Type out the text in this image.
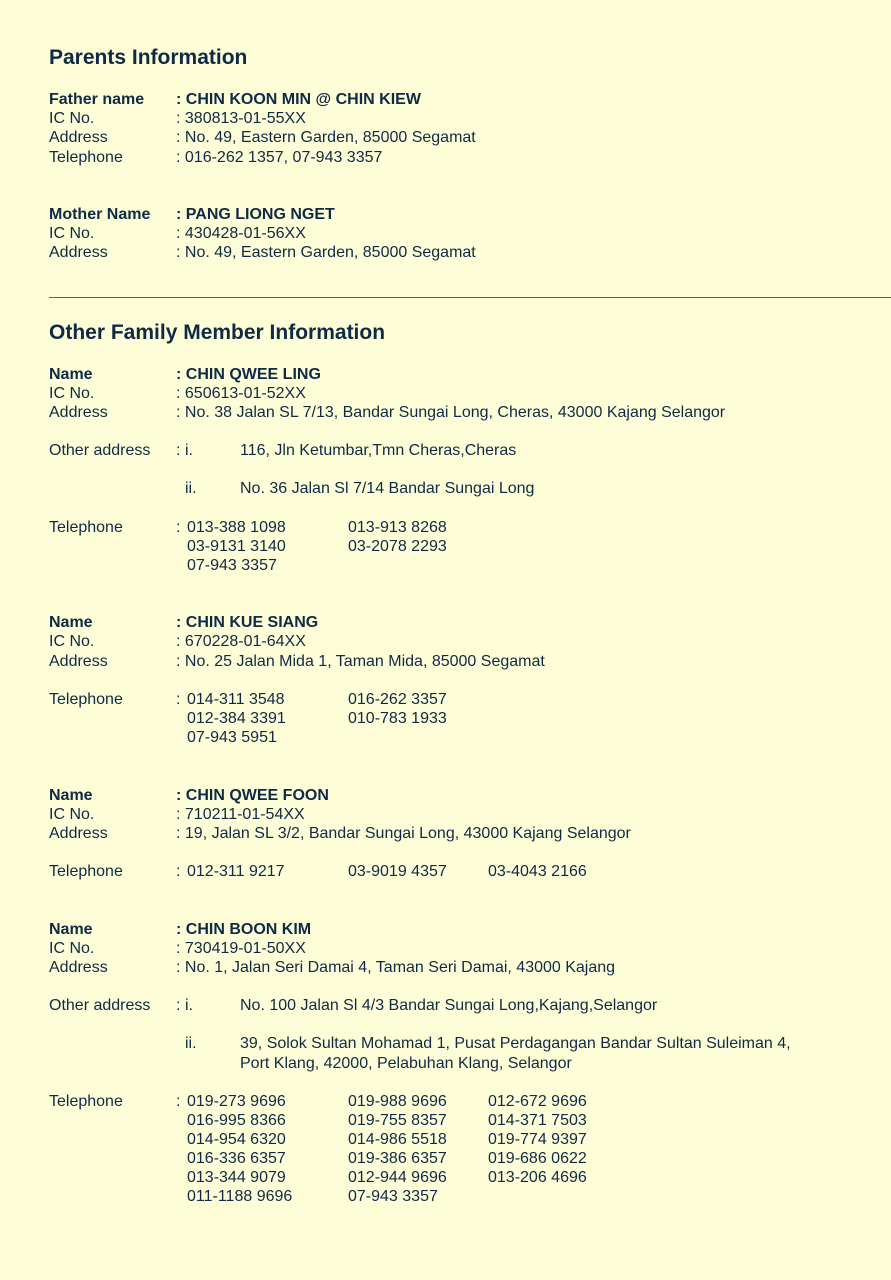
Parents Information
Father name : CHIN KOON MIN @ CHIN KIEW
IC No.	: 380813-01-55XX
Address	: No. 49, Eastern Garden, 85000 Segamat
Telephone	: 016-262 1357, 07-943 3357
Mother Name : PANG LIONG NGET
IC No.	: 430428-01-56XX
Address	: No. 49, Eastern Garden, 85000 Segamat
Other Family Member Information
Name	: CHIN QWEE LING
IC No.	: 650613-01-52XX
Address	: No. 38 Jalan SL 7/13, Bandar Sungai Long, Cheras, 43000 Kajang Selangor
Other address : i.	116, Jln Ketumbar,Tmn Cheras,Cheras
ii.	No. 36 Jalan Sl 7/14 Bandar Sungai Long
Telephone	: 013-388 1098	013-913 8268
03-9131 3140	03-2078 2293
07-943 3357
Name	: CHIN KUE SIANG
IC No.	: 670228-01-64XX
Address	: No. 25 Jalan Mida 1, Taman Mida, 85000 Segamat
Telephone	: 014-311 3548	016-262 3357
012-384 3391	010-783 1933
07-943 5951
Name	: CHIN QWEE FOON
IC No.	: 710211-01-54XX
Address	: 19, Jalan SL 3/2, Bandar Sungai Long, 43000 Kajang Selangor
Telephone	: 012-311 9217	03-9019 4357	03-4043 2166
Name	: CHIN BOON KIM
IC No.	: 730419-01-50XX
Address	: No. 1, Jalan Seri Damai 4, Taman Seri Damai, 43000 Kajang
Other address : i.	No. 100 Jalan Sl 4/3 Bandar Sungai Long,Kajang,Selangor
ii.	39, Solok Sultan Mohamad 1, Pusat Perdagangan Bandar Sultan Suleiman 4,
Port Klang, 42000, Pelabuhan Klang, Selangor
Telephone	: 019-273 9696	019-988 9696	012-672 9696
016-995 8366	019-755 8357	014-371 7503
014-954 6320	014-986 5518	019-774 9397
016-336 6357	019-386 6357	019-686 0622
013-344 9079	012-944 9696	013-206 4696
011-1188 9696	07-943 3357
